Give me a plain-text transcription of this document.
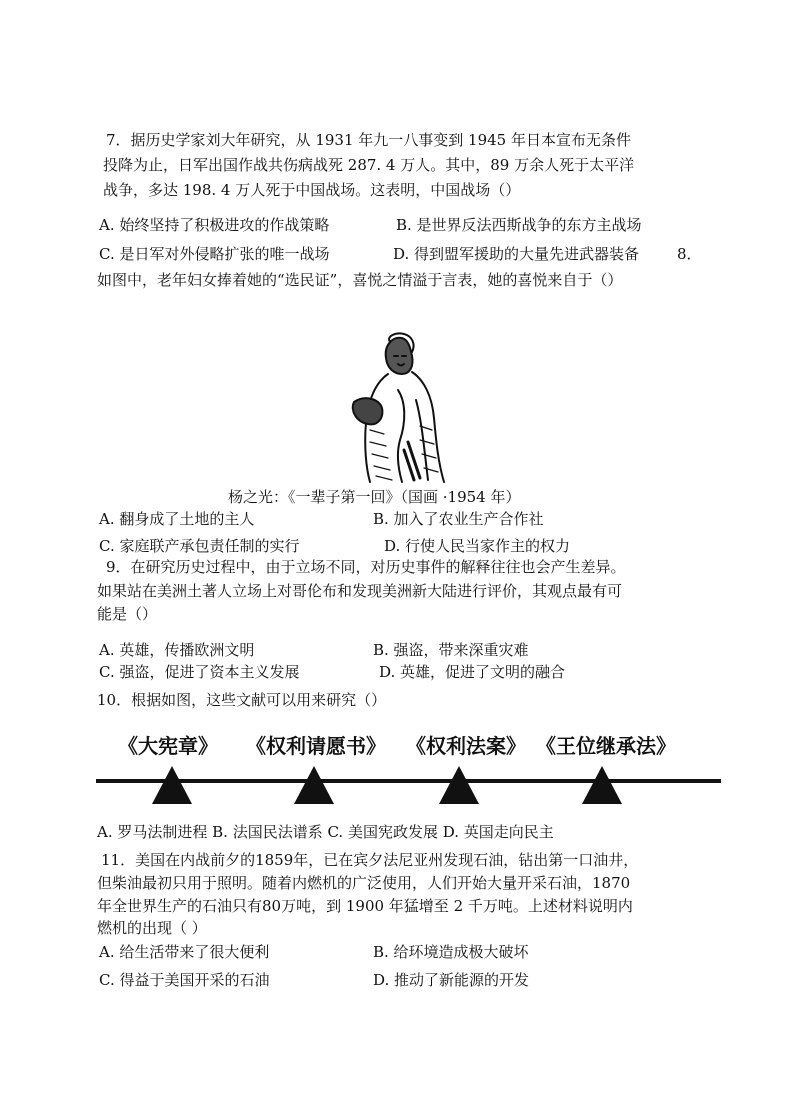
7．据历史学家刘大年研究，从 1931 年九一八事变到 1945 年日本宣布无条件
投降为止，日军出国作战共伤病战死 287. 4 万人。其中，89 万余人死于太平洋
战争，多达 198. 4 万人死于中国战场。这表明，中国战场（）
A. 始终坚持了积极进攻的作战策略	B. 是世界反法西斯战争的东方主战场
C. 是日军对外侵略扩张的唯一战场	D. 得到盟军援助的大量先进武器装备	8．
如图中，老年妇女捧着她的“选民证”，喜悦之情溢于言表，她的喜悦来自于（）
杨之光：《一辈子第一回》（国画 ·1954 年）
A. 翻身成了土地的主人	B. 加入了农业生产合作社
C. 家庭联产承包责任制的实行	D. 行使人民当家作主的权力
9．在研究历史过程中，由于立场不同，对历史事件的解释往往也会产生差异。
如果站在美洲土著人立场上对哥伦布和发现美洲新大陆进行评价，其观点最有可
能是（）
A. 英雄，传播欧洲文明	B. 强盗，带来深重灾难
C. 强盗，促进了资本主义发展	D. 英雄，促进了文明的融合
10．根据如图，这些文献可以用来研究（）
《大宪章》 《权利请愿书》 《权利法案》 《王位继承法》
A. 罗马法制进程 B. 法国民法谱系 C. 美国宪政发展 D. 英国走向民主
11．美国在内战前夕的1859年，已在宾夕法尼亚州发现石油，钻出第一口油井，
但柴油最初只用于照明。随着内燃机的广泛使用，人们开始大量开采石油，1870
年全世界生产的石油只有80万吨，到 1900 年猛增至 2 千万吨。上述材料说明内
燃机的出现（ ）
A. 给生活带来了很大便利	B. 给环境造成极大破坏
C. 得益于美国开采的石油	D. 推动了新能源的开发
